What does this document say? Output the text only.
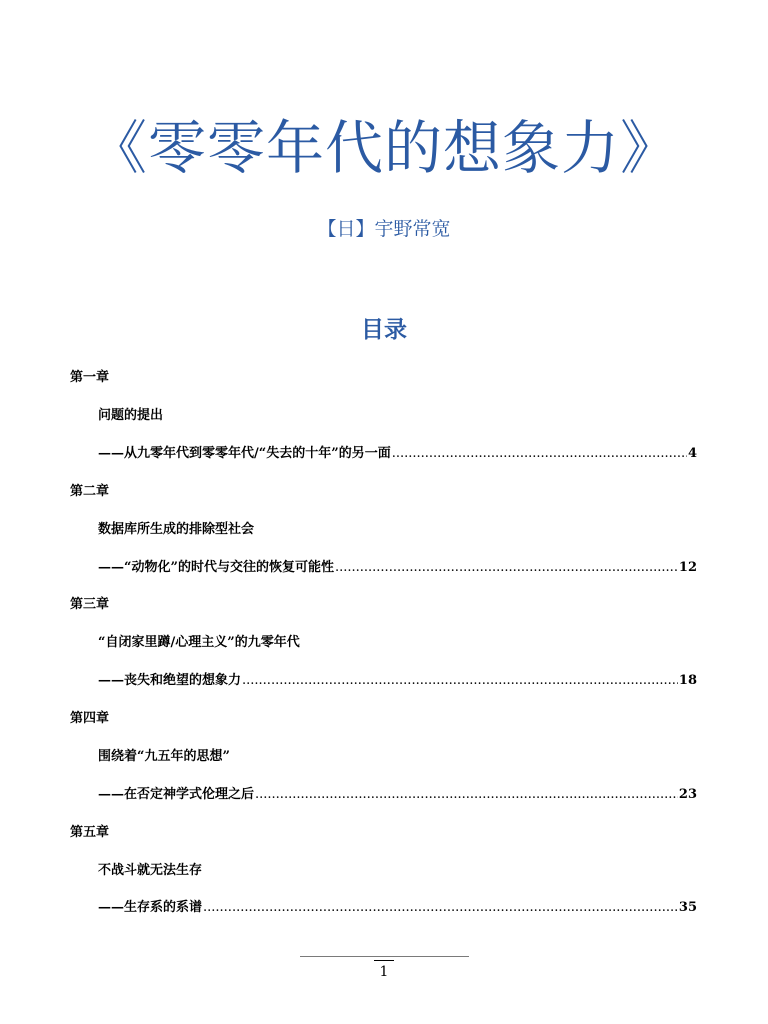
《零零年代的想象力》
【日】宇野常宽
目录
第一章
问题的提出
——从九零年代到零零年代/“失去的十年”的另一面 .....	4
第二章
数据库所生成的排除型社会
——“动物化”的时代与交往的恢复可能性 .....	12
第三章
“自闭家里蹲/心理主义”的九零年代
——丧失和绝望的想象力 .....	18
第四章
围绕着“九五年的思想”
——在否定神学式伦理之后 .....	23
第五章
不战斗就无法生存
——生存系的系谱 .....	35
1
